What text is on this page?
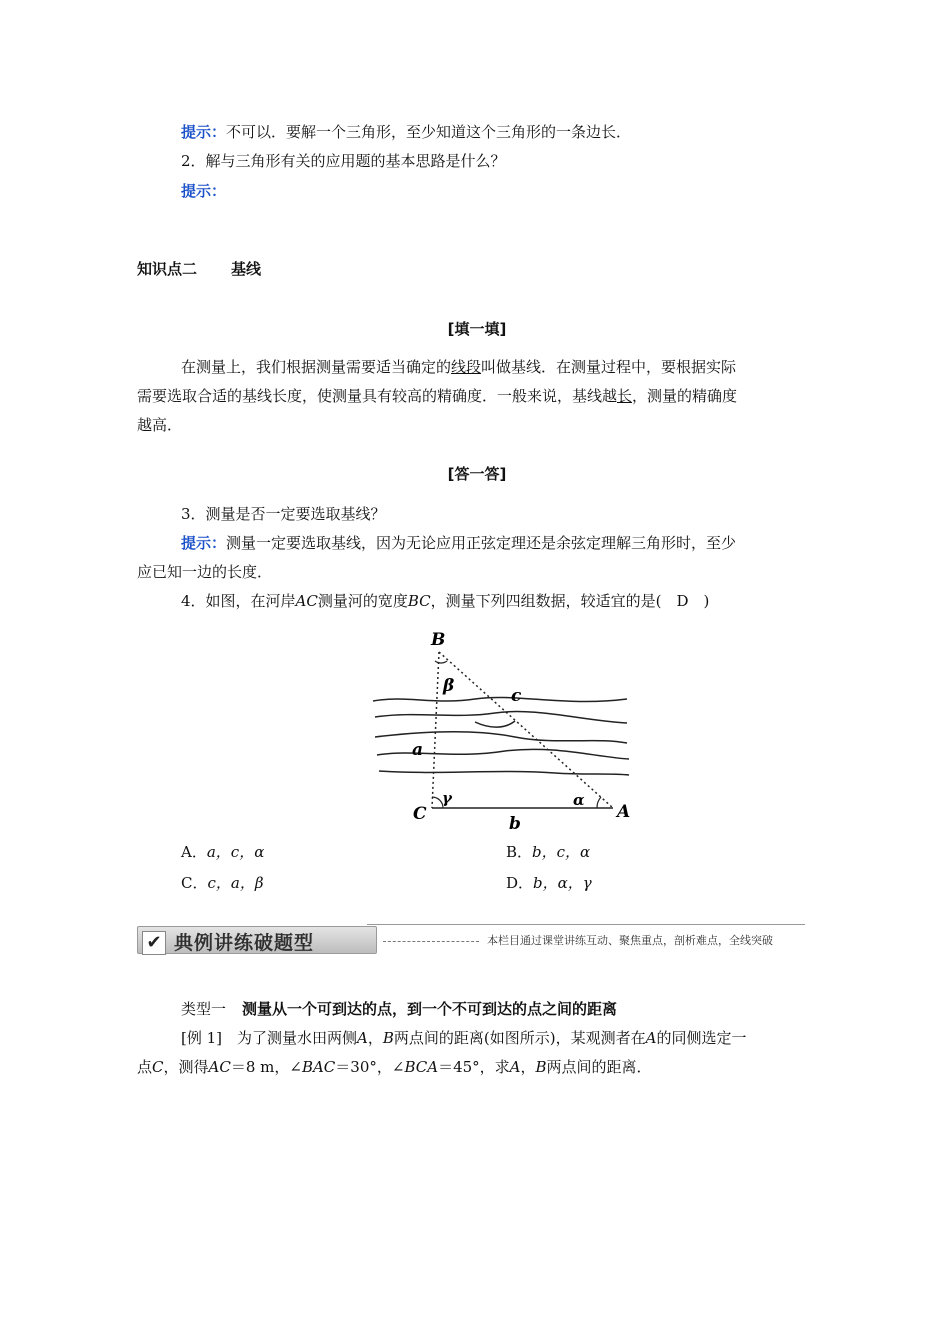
提示：不可以．要解一个三角形，至少知道这个三角形的一条边长．
2．解与三角形有关的应用题的基本思路是什么？
提示：
知识点二 基线
[填一填]
在测量上，我们根据测量需要适当确定的线段叫做基线．在测量过程中，要根据实际
需要选取合适的基线长度，使测量具有较高的精确度．一般来说，基线越长，测量的精确度
越高．
[答一答]
3．测量是否一定要选取基线？
提示：测量一定要选取基线，因为无论应用正弦定理还是余弦定理解三角形时，至少
应已知一边的长度．
4．如图，在河岸AC测量河的宽度BC，测量下列四组数据，较适宜的是(　D　)
B
β	c
a
C
γ	α
A
b
A．a，c，α	B．b，c，α
C．c，a，β	D．b，α，γ
✔ 典例讲练破题型	本栏目通过课堂讲练互动、聚焦重点，剖析难点，全线突破
类型一 测量从一个可到达的点，到一个不可到达的点之间的距离
[例 1]　为了测量水田两侧A，B两点间的距离(如图所示)，某观测者在A的同侧选定一
点C，测得AC＝8 m，∠BAC＝30°，∠BCA＝45°，求A，B两点间的距离．
